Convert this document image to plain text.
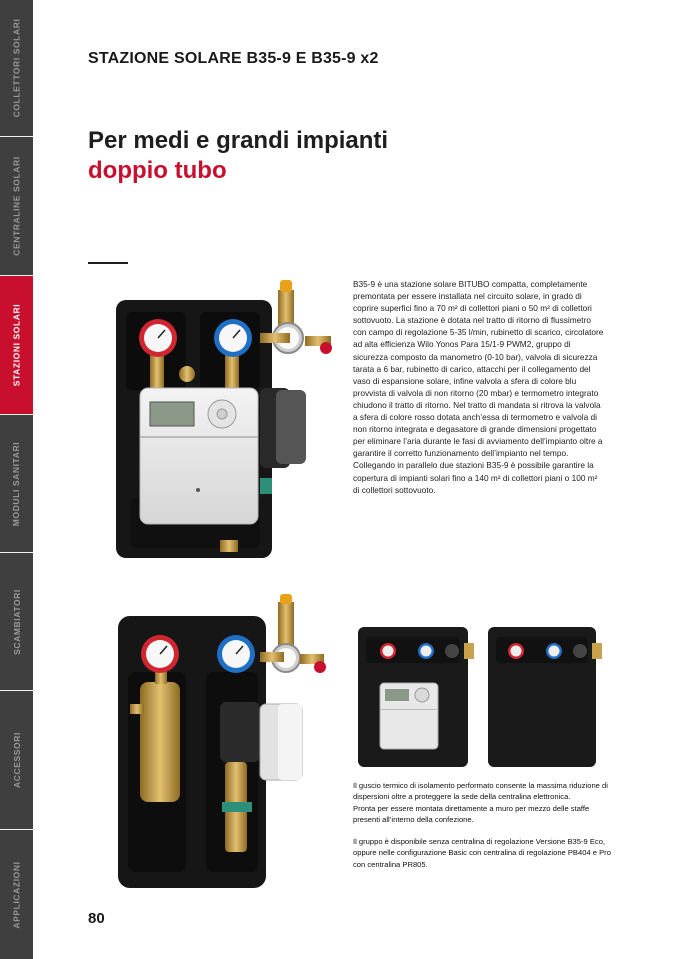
COLLETTORI SOLARI
CENTRALINE SOLARI
STAZIONI SOLARI
MODULI SANITARI
SCAMBIATORI
ACCESSORI
APPLICAZIONI
STAZIONE SOLARE B35-9 E B35-9 x2
Per medi e grandi impianti
doppio tubo

B35-9 è una stazione solare BITUBO compatta, completamente premontata per essere installata nel circuito solare, in grado di coprire superfici fino a 70 m² di collettori piani o 50 m² di collettori sottovuoto. La stazione è dotata nel tratto di ritorno di flussimetro con campo di regolazione 5-35 l/min, rubinetto di scarico, circolatore ad alta efficienza Wilo Yonos Para 15/1-9 PWM2, gruppo di sicurezza composto da manometro (0-10 bar), valvola di sicurezza tarata a 6 bar, rubinetto di carico, attacchi per il collegamento del vaso di espansione solare, infine valvola a sfera di colore blu provvista di valvola di non ritorno (20 mbar) e termometro integrato chiudono il tratto di ritorno. Nel tratto di mandata si ritrova la valvola a sfera di colore rosso dotata anch’essa di termometro e valvola di non ritorno integrata e degasatore di grande dimensioni progettato per eliminare l’aria durante le fasi di avviamento dell’impianto oltre a garantire il corretto funzionamento dell’impianto nel tempo.

Collegando in parallelo due stazioni B35-9 è possibile garantire la copertura di impianti solari fino a 140 m² di collettori piani o 100 m² di collettori sottovuoto.

Il guscio termico di isolamento performato consente la massima riduzione di dispersioni oltre a proteggere la sede della centralina elettronica.

Pronta per essere montata direttamente a muro per mezzo delle staffe presenti all’interno della confezione.

Il gruppo è disponibile senza centralina di regolazione Versione B35-9 Eco, oppure nelle configurazione Basic con centralina di regolazione PB404 e Pro con centralina PR805.

80
